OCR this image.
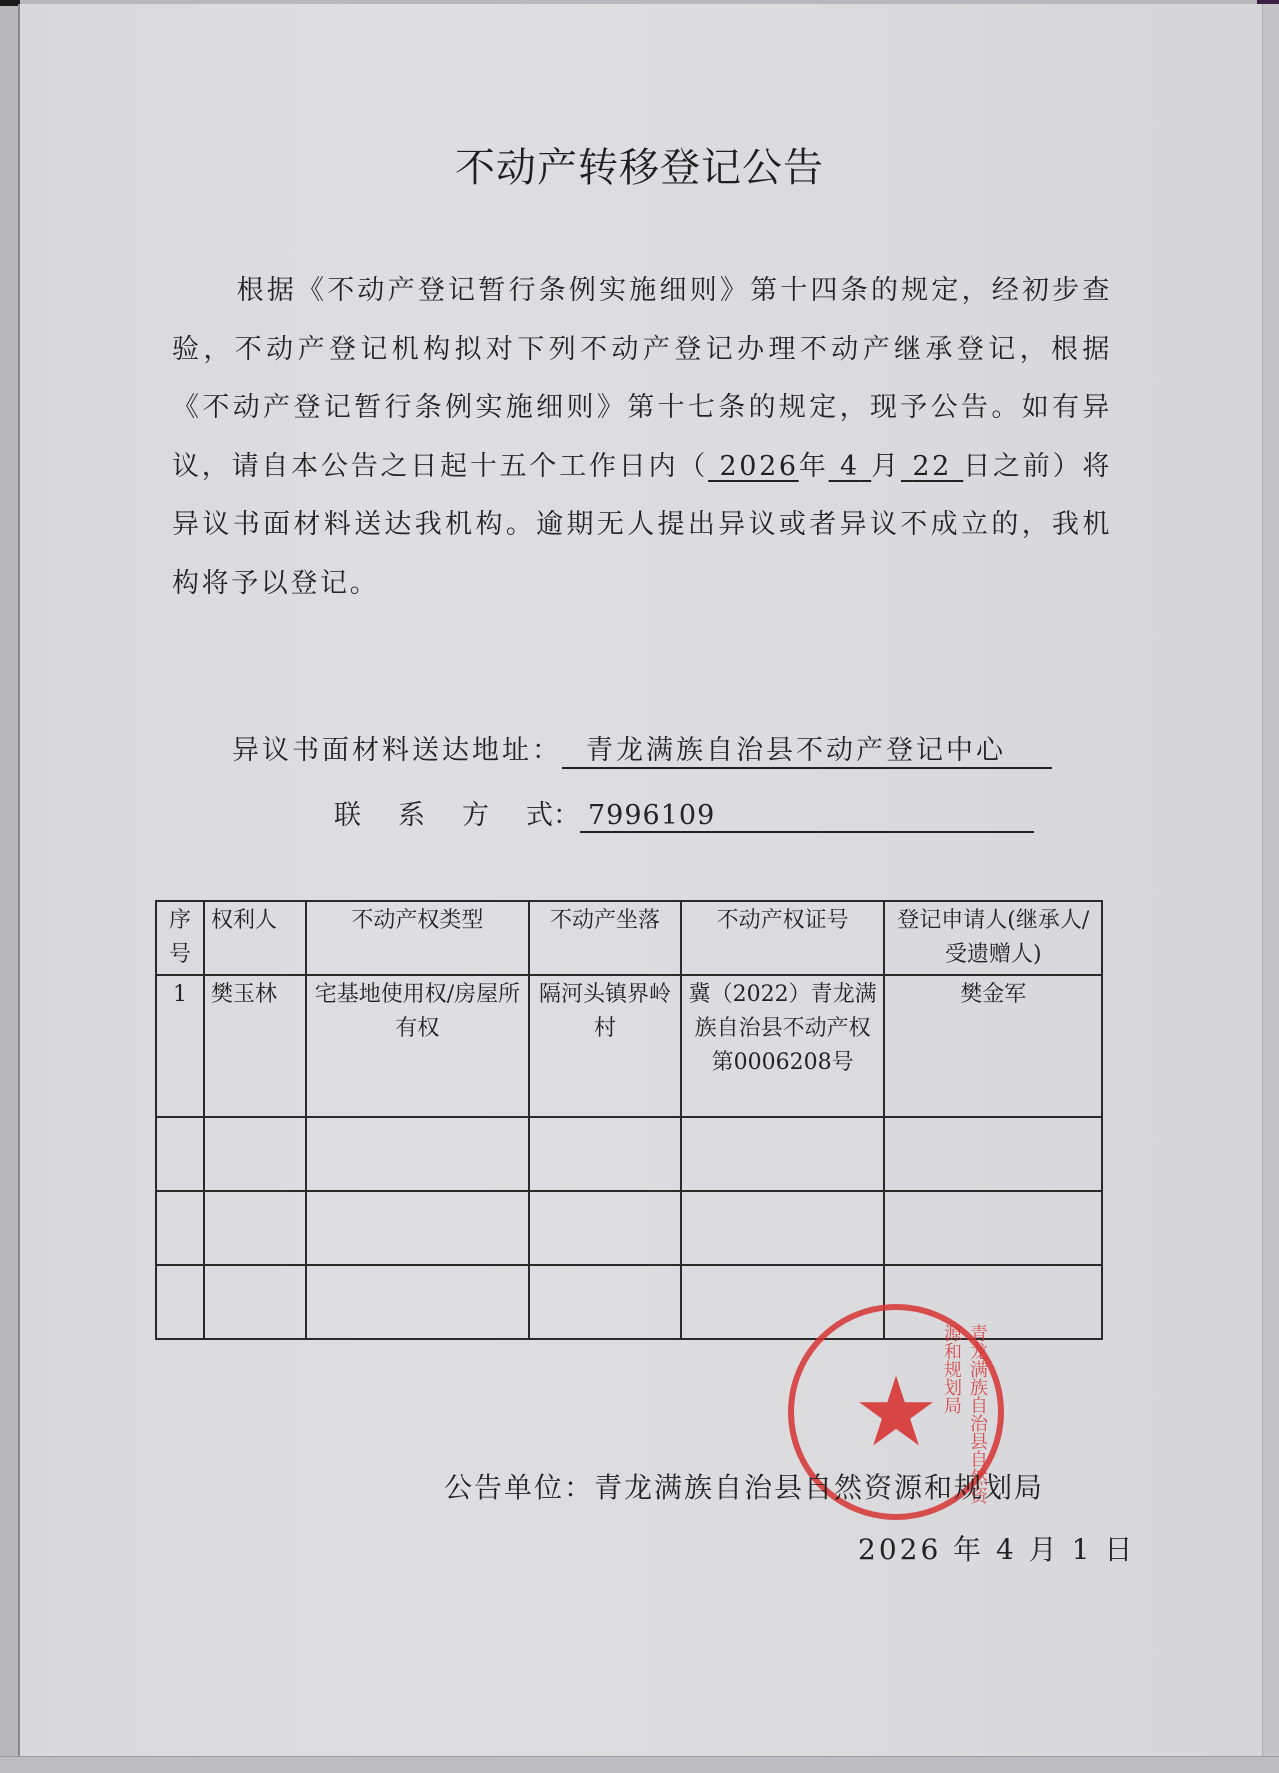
不动产转移登记公告

根据《不动产登记暂行条例实施细则》第十四条的规定，经初步查验，不动产登记机构拟对下列不动产登记办理不动产继承登记，根据《不动产登记暂行条例实施细则》第十七条的规定，现予公告。如有异议，请自本公告之日起十五个工作日内（ 2026年 4 月 22 日之前）将异议书面材料送达我机构。逾期无人提出异议或者异议不成立的，我机构将予以登记。

异议书面材料送达地址： 青龙满族自治县不动产登记中心
联 系 方 式： 7996109
序号	权利人	不动产权类型	不动产坐落	不动产权证号	登记申请人(继承人/受遗赠人)
1	樊玉林	宅基地使用权/房屋所有权	隔河头镇界岭村	冀（2022）青龙满族自治县不动产权第0006208号	樊金军

★	青龙满族自治县自然资源和规划局
公告单位：青龙满族自治县自然资源和规划局
2026 年 4 月 1 日
